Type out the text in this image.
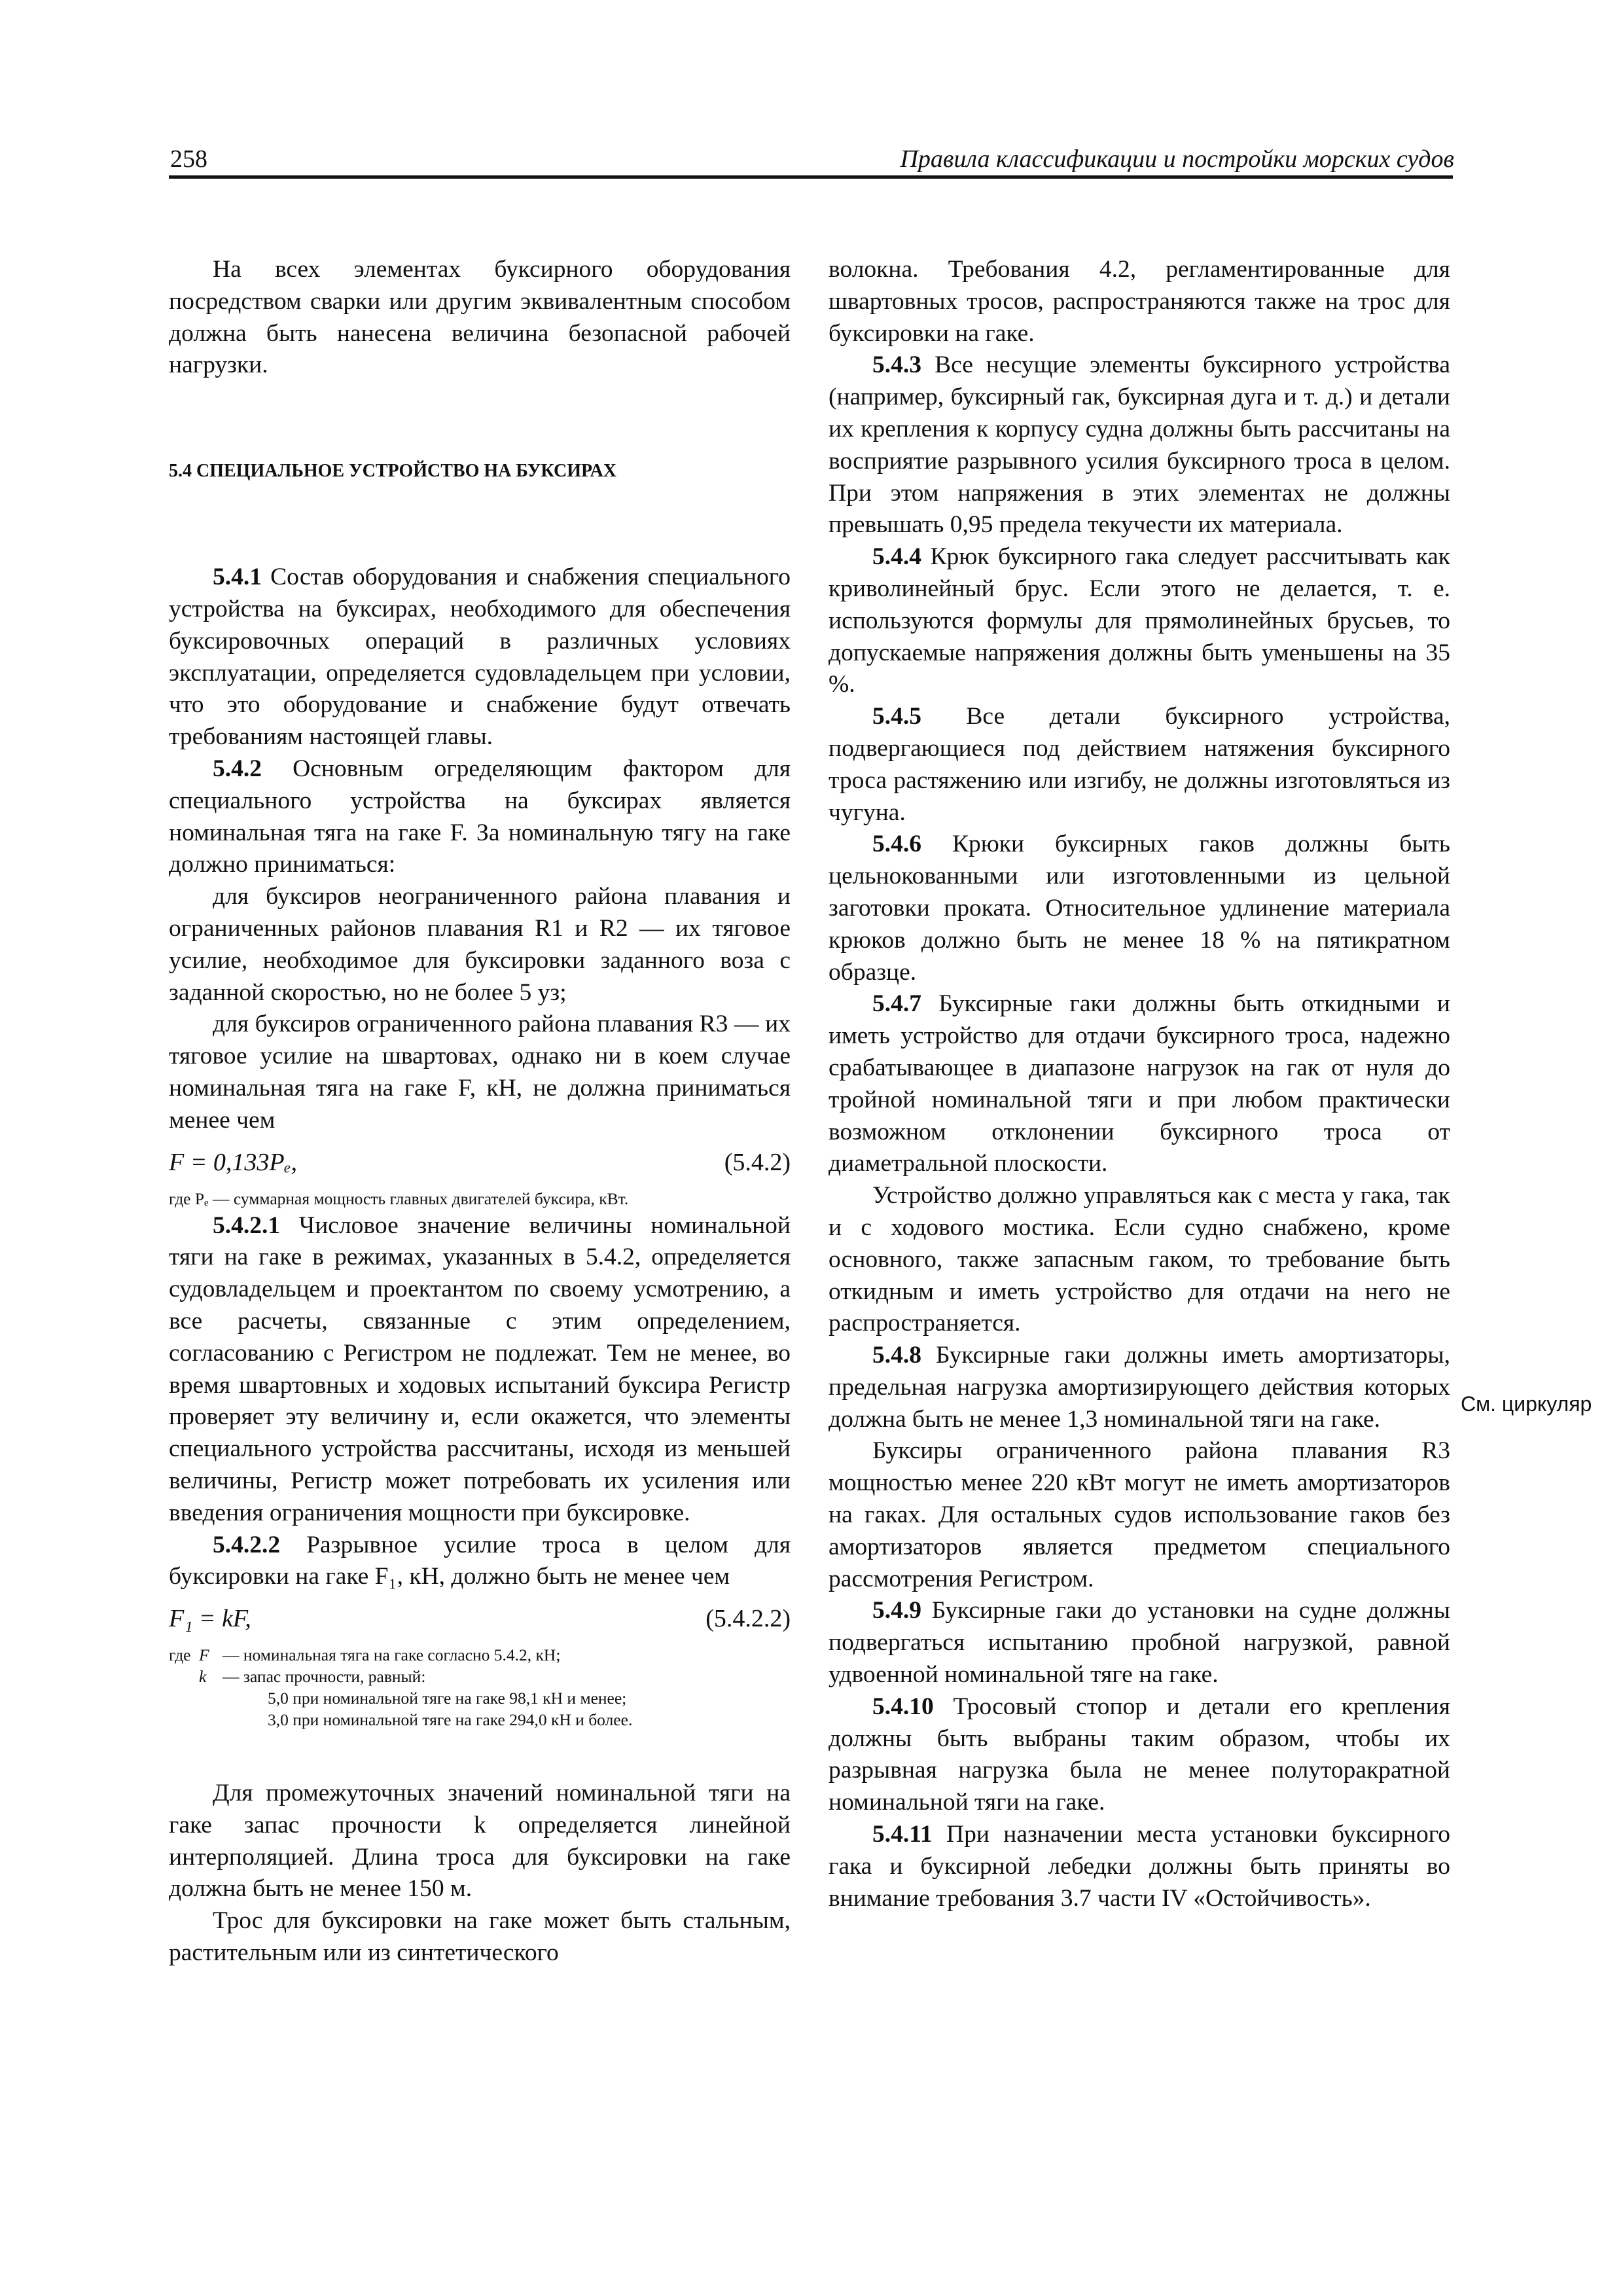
258	Правила классификации и постройки морских судов

На всех элементах буксирного оборудования посредством сварки или другим эквивалентным способом должна быть нанесена величина безопасной рабочей нагрузки.

5.4 СПЕЦИАЛЬНОЕ УСТРОЙСТВО НА БУКСИРАХ

5.4.1 Состав оборудования и снабжения специального устройства на буксирах, необходимого для обеспечения буксировочных операций в различных условиях эксплуатации, определяется судовладельцем при условии, что это оборудование и снабжение будут отвечать требованиям настоящей главы.

5.4.2 Основным огределяющим фактором для специального устройства на буксирах является номинальная тяга на гаке F. За номинальную тягу на гаке должно приниматься:

для буксиров неограниченного района плавания и ограниченных районов плавания R1 и R2 — их тяговое усилие, необходимое для буксировки заданного воза с заданной скоростью, но не более 5 уз;

для буксиров ограниченного района плавания R3 — их тяговое усилие на швартовах, однако ни в коем случае номинальная тяга на гаке F, кН, не должна приниматься менее чем

F = 0,133Pₑ,	(5.4.2)

где Pₑ — суммарная мощность главных двигателей буксира, кВт.

5.4.2.1 Числовое значение величины номинальной тяги на гаке в режимах, указанных в 5.4.2, определяется судовладельцем и проектантом по своему усмотрению, а все расчеты, связанные с этим определением, согласованию с Регистром не подлежат. Тем не менее, во время швартовных и ходовых испытаний буксира Регистр проверяет эту величину и, если окажется, что элементы специального устройства рассчитаны, исходя из меньшей величины, Регистр может потребовать их усиления или введения ограничения мощности при буксировке.

5.4.2.2 Разрывное усилие троса в целом для буксировки на гаке F₁, кН, должно быть не менее чем

F₁ = kF,	(5.4.2.2)
где F — номинальная тяга на гаке согласно 5.4.2, кН;
k — запас прочности, равный:
5,0 при номинальной тяге на гаке 98,1 кН и менее;
3,0 при номинальной тяге на гаке 294,0 кН и более.

Для промежуточных значений номинальной тяги на гаке запас прочности k определяется линейной интерполяцией. Длина троса для буксировки на гаке должна быть не менее 150 м.

Трос для буксировки на гаке может быть стальным, растительным или из синтетического

волокна. Требования 4.2, регламентированные для швартовных тросов, распространяются также на трос для буксировки на гаке.

5.4.3 Все несущие элементы буксирного устройства (например, буксирный гак, буксирная дуга и т. д.) и детали их крепления к корпусу судна должны быть рассчитаны на восприятие разрывного усилия буксирного троса в целом. При этом напряжения в этих элементах не должны превышать 0,95 предела текучести их материала.

5.4.4 Крюк буксирного гака следует рассчитывать как криволинейный брус. Если этого не делается, т. е. используются формулы для прямолинейных брусьев, то допускаемые напряжения должны быть уменьшены на 35 %.

5.4.5 Все детали буксирного устройства, подвергающиеся под действием натяжения буксирного троса растяжению или изгибу, не должны изготовляться из чугуна.

5.4.6 Крюки буксирных гаков должны быть цельнокованными или изготовленными из цельной заготовки проката. Относительное удлинение материала крюков должно быть не менее 18 % на пятикратном образце.

5.4.7 Буксирные гаки должны быть откидными и иметь устройство для отдачи буксирного троса, надежно срабатывающее в диапазоне нагрузок на гак от нуля до тройной номинальной тяги и при любом практически возможном отклонении буксирного троса от диаметральной плоскости.

Устройство должно управляться как с места у гака, так и с ходового мостика. Если судно снабжено, кроме основного, также запасным гаком, то требование быть откидным и иметь устройство для отдачи на него не распространяется.

5.4.8 Буксирные гаки должны иметь амортизаторы, предельная нагрузка амортизирующего действия которых должна быть не менее 1,3 номинальной тяги на гаке.

Буксиры ограниченного района плавания R3 мощностью менее 220 кВт могут не иметь амортизаторов на гаках. Для остальных судов использование гаков без амортизаторов является предметом специального рассмотрения Регистром.

5.4.9 Буксирные гаки до установки на судне должны подвергаться испытанию пробной нагрузкой, равной удвоенной номинальной тяге на гаке.

5.4.10 Тросовый стопор и детали его крепления должны быть выбраны таким образом, чтобы их разрывная нагрузка была не менее полуторакратной номинальной тяги на гаке.

5.4.11 При назначении места установки буксирного гака и буксирной лебедки должны быть приняты во внимание требования 3.7 части IV «Остойчивость».

См. циркуляр
